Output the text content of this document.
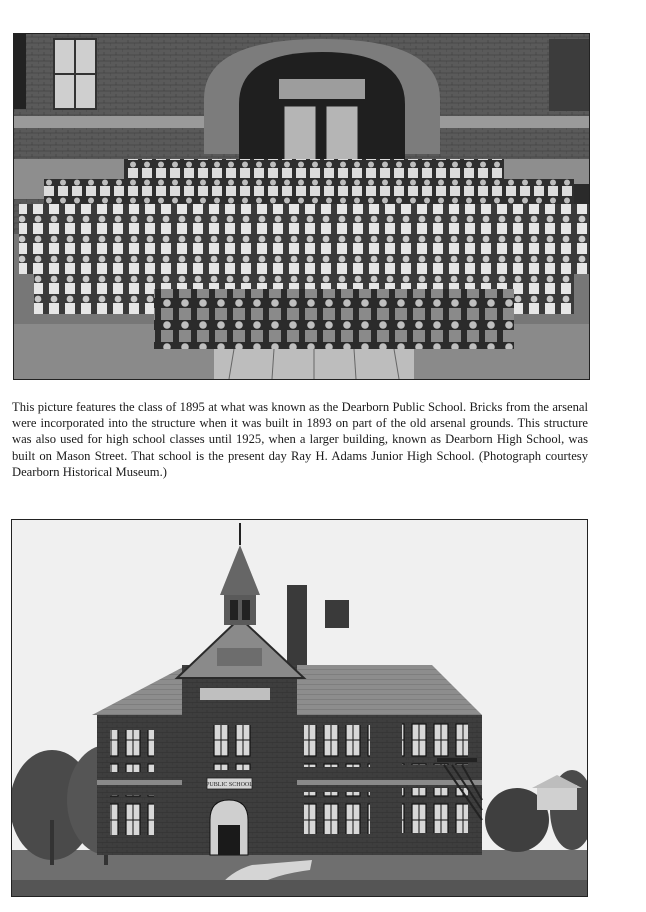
This picture features the class of 1895 at what was known as the Dearborn Public School. Bricks from the arsenal were incorporated into the structure when it was built in 1893 on part of the old arsenal grounds. This structure was also used for high school classes until 1925, when a larger building, known as Dearborn High School, was built on Mason Street. That school is the present day Ray H. Adams Junior High School. (Photograph courtesy Dearborn Historical Museum.)

PUBLIC SCHOOL
